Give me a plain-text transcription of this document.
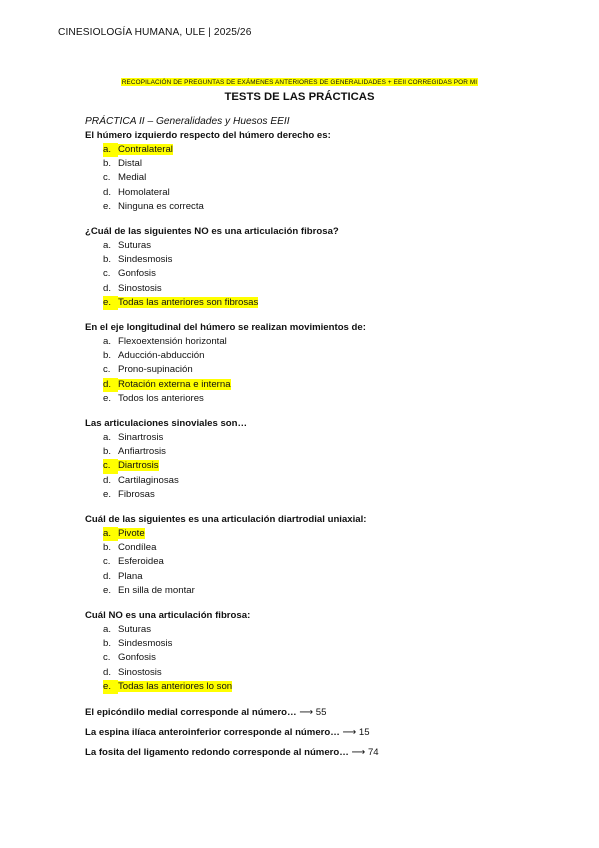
CINESIOLOGÍA HUMANA, ULE | 2025/26
RECOPILACIÓN DE PREGUNTAS DE EXÁMENES ANTERIORES DE GENERALIDADES + EEII CORREGIDAS POR MI
TESTS DE LAS PRÁCTICAS
PRÁCTICA II – Generalidades y Huesos EEII
El húmero izquierdo respecto del húmero derecho es:
a. Contralateral
b. Distal
c. Medial
d. Homolateral
e. Ninguna es correcta
¿Cuál de las siguientes NO es una articulación fibrosa?
a. Suturas
b. Sindesmosis
c. Gonfosis
d. Sinostosis
e. Todas las anteriores son fibrosas
En el eje longitudinal del húmero se realizan movimientos de:
a. Flexoextensión horizontal
b. Aducción-abducción
c. Prono-supinación
d. Rotación externa e interna
e. Todos los anteriores
Las articulaciones sinoviales son…
a. Sinartrosis
b. Anfiartrosis
c. Diartrosis
d. Cartilaginosas
e. Fibrosas
Cuál de las siguientes es una articulación diartrodial uniaxial:
a. Pivote
b. Condílea
c. Esferoidea
d. Plana
e. En silla de montar
Cuál NO es una articulación fibrosa:
a. Suturas
b. Sindesmosis
c. Gonfosis
d. Sinostosis
e. Todas las anteriores lo son
El epicóndilo medial corresponde al número… ⟶ 55
La espina ilíaca anteroinferior corresponde al número… ⟶ 15
La fosita del ligamento redondo corresponde al número… ⟶ 74
